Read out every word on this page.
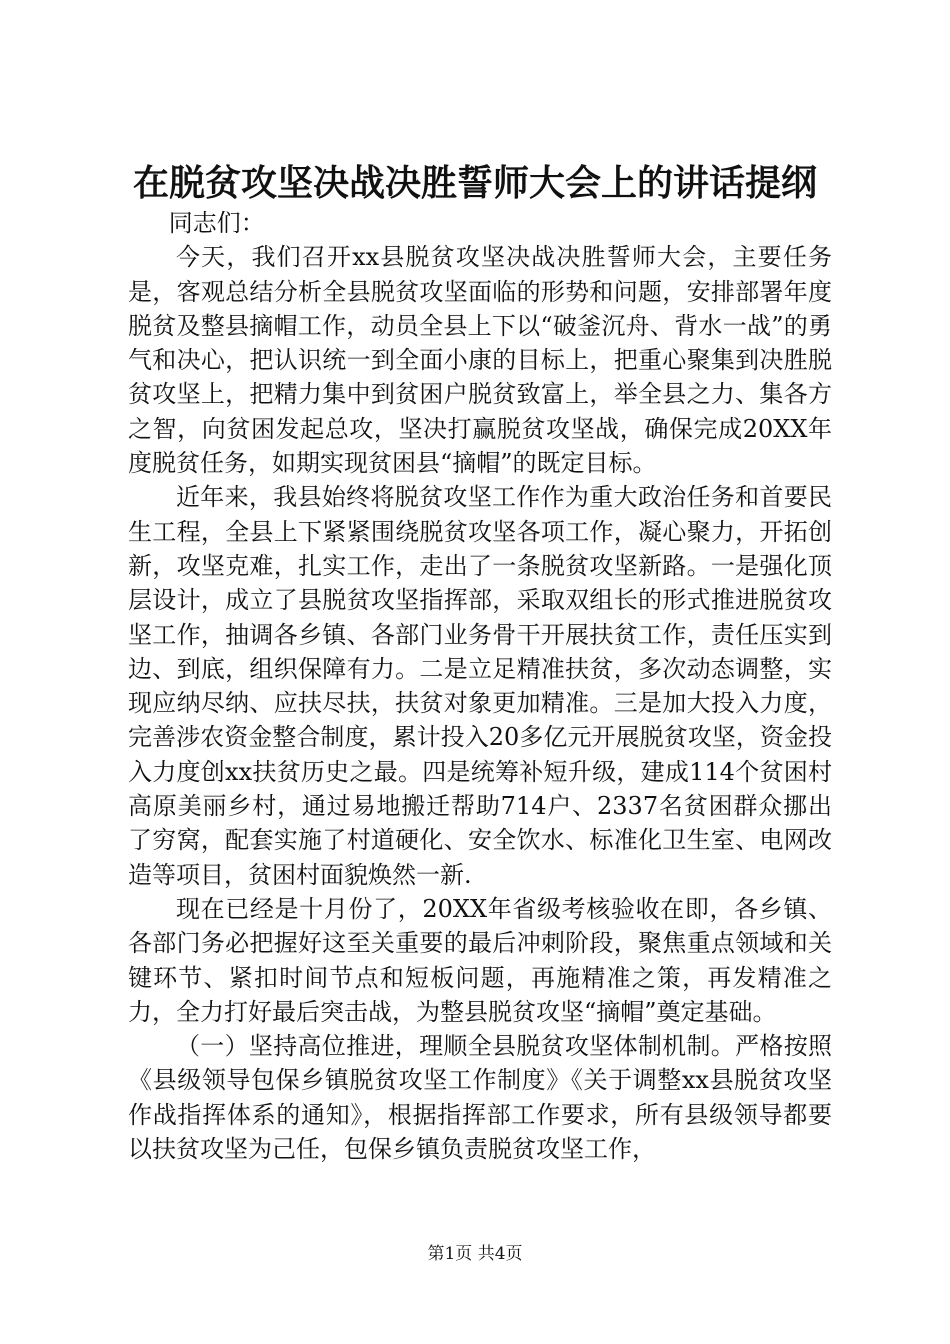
在脱贫攻坚决战决胜誓师大会上的讲话提纲

同志们：

今天，我们召开xx县脱贫攻坚决战决胜誓师大会，主要任务是，客观总结分析全县脱贫攻坚面临的形势和问题，安排部署年度脱贫及整县摘帽工作，动员全县上下以“破釜沉舟、背水一战”的勇气和决心，把认识统一到全面小康的目标上，把重心聚集到决胜脱贫攻坚上，把精力集中到贫困户脱贫致富上，举全县之力、集各方之智，向贫困发起总攻，坚决打赢脱贫攻坚战，确保完成20XX年度脱贫任务，如期实现贫困县“摘帽”的既定目标。

近年来，我县始终将脱贫攻坚工作作为重大政治任务和首要民生工程，全县上下紧紧围绕脱贫攻坚各项工作，凝心聚力，开拓创新，攻坚克难，扎实工作，走出了一条脱贫攻坚新路。一是强化顶层设计，成立了县脱贫攻坚指挥部，采取双组长的形式推进脱贫攻坚工作，抽调各乡镇、各部门业务骨干开展扶贫工作，责任压实到边、到底，组织保障有力。二是立足精准扶贫，多次动态调整，实现应纳尽纳、应扶尽扶，扶贫对象更加精准。三是加大投入力度，完善涉农资金整合制度，累计投入20多亿元开展脱贫攻坚，资金投入力度创xx扶贫历史之最。四是统筹补短升级，建成114个贫困村高原美丽乡村，通过易地搬迁帮助714户、2337名贫困群众挪出了穷窝，配套实施了村道硬化、安全饮水、标准化卫生室、电网改造等项目，贫困村面貌焕然一新.

现在已经是十月份了，20XX年省级考核验收在即，各乡镇、各部门务必把握好这至关重要的最后冲刺阶段，聚焦重点领域和关键环节、紧扣时间节点和短板问题，再施精准之策，再发精准之力，全力打好最后突击战，为整县脱贫攻坚“摘帽”奠定基础。

（一）坚持高位推进，理顺全县脱贫攻坚体制机制。严格按照《县级领导包保乡镇脱贫攻坚工作制度》《关于调整xx县脱贫攻坚作战指挥体系的通知》，根据指挥部工作要求，所有县级领导都要以扶贫攻坚为己任，包保乡镇负责脱贫攻坚工作，

第1页 共4页
